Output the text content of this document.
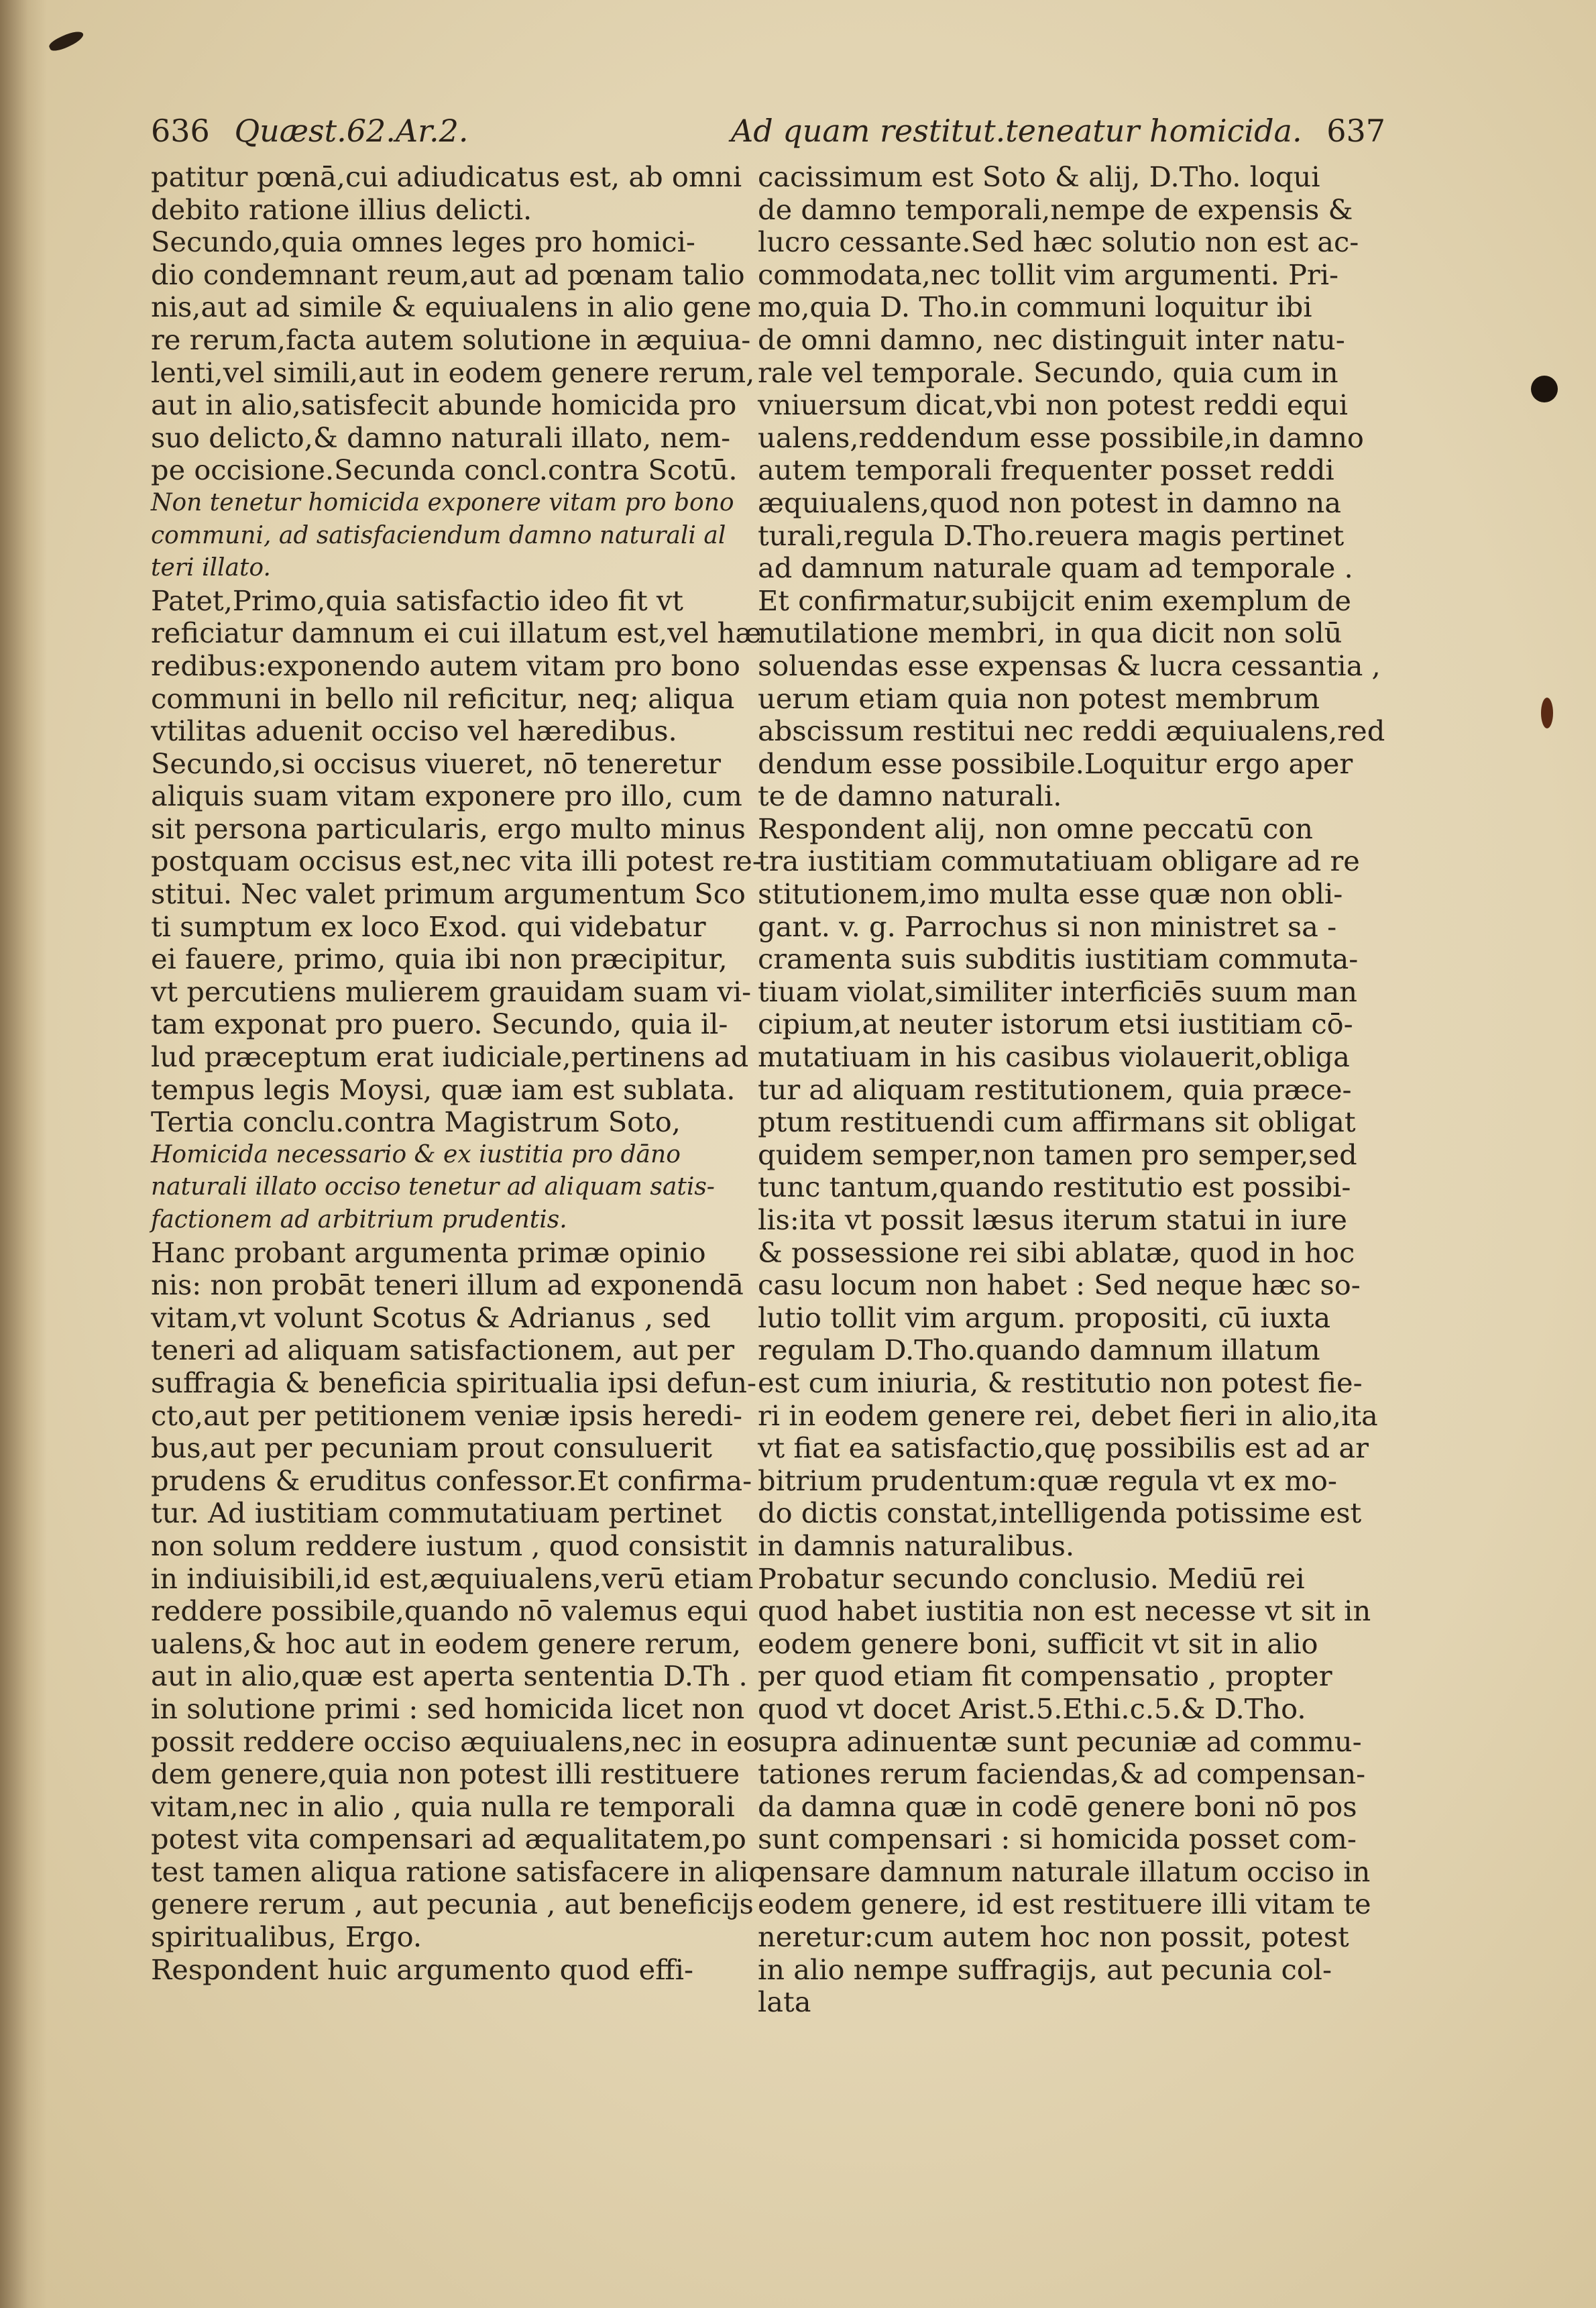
636 Quæst.62.Ar.2.	Ad quam restitut.teneatur homicida. 637
patitur pœnā,cui adiudicatus est, ab omni
debito ratione illius delicti.
Secundo,quia omnes leges pro homici-
dio condemnant reum,aut ad pœnam talio
nis,aut ad simile & equiualens in alio gene
re rerum,facta autem solutione in æquiua-
lenti,vel simili,aut in eodem genere rerum,
aut in alio,satisfecit abunde homicida pro
suo delicto,& damno naturali illato, nem-
pe occisione.Secunda concl.contra Scotū.
Non tenetur homicida exponere vitam pro bono
communi, ad satisfaciendum damno naturali al
teri illato.
Patet,Primo,quia satisfactio ideo fit vt
reficiatur damnum ei cui illatum est,vel hæ
redibus:exponendo autem vitam pro bono
communi in bello nil reficitur, neq; aliqua
vtilitas aduenit occiso vel hæredibus.
Secundo,si occisus viueret, nō teneretur
aliquis suam vitam exponere pro illo, cum
sit persona particularis, ergo multo minus
postquam occisus est,nec vita illi potest re-
stitui. Nec valet primum argumentum Sco
ti sumptum ex loco Exod. qui videbatur
ei fauere, primo, quia ibi non præcipitur,
vt percutiens mulierem grauidam suam vi-
tam exponat pro puero. Secundo, quia il-
lud præceptum erat iudiciale,pertinens ad
tempus legis Moysi, quæ iam est sublata.
Tertia conclu.contra Magistrum Soto,
Homicida necessario & ex iustitia pro dāno
naturali illato occiso tenetur ad aliquam satis-
factionem ad arbitrium prudentis.
Hanc probant argumenta primæ opinio
nis: non probāt teneri illum ad exponendā
vitam,vt volunt Scotus & Adrianus , sed
teneri ad aliquam satisfactionem, aut per
suffragia & beneficia spiritualia ipsi defun-
cto,aut per petitionem veniæ ipsis heredi-
bus,aut per pecuniam prout consuluerit
prudens & eruditus confessor.Et confirma-
tur. Ad iustitiam commutatiuam pertinet
non solum reddere iustum , quod consistit
in indiuisibili,id est,æquiualens,verū etiam
reddere possibile,quando nō valemus equi
ualens,& hoc aut in eodem genere rerum,
aut in alio,quæ est aperta sententia D.Th .
in solutione primi : sed homicida licet non
possit reddere occiso æquiualens,nec in eo
dem genere,quia non potest illi restituere
vitam,nec in alio , quia nulla re temporali
potest vita compensari ad æqualitatem,po
test tamen aliqua ratione satisfacere in alio
genere rerum , aut pecunia , aut beneficijs
spiritualibus, Ergo.
Respondent huic argumento quod effi-
cacissimum est Soto & alij, D.Tho. loqui
de damno temporali,nempe de expensis &
lucro cessante.Sed hæc solutio non est ac-
commodata,nec tollit vim argumenti. Pri-
mo,quia D. Tho.in communi loquitur ibi
de omni damno, nec distinguit inter natu-
rale vel temporale. Secundo, quia cum in
vniuersum dicat,vbi non potest reddi equi
ualens,reddendum esse possibile,in damno
autem temporali frequenter posset reddi
æquiualens,quod non potest in damno na
turali,regula D.Tho.reuera magis pertinet
ad damnum naturale quam ad temporale .
Et confirmatur,subijcit enim exemplum de
mutilatione membri, in qua dicit non solū
soluendas esse expensas & lucra cessantia ,
uerum etiam quia non potest membrum
abscissum restitui nec reddi æquiualens,red
dendum esse possibile.Loquitur ergo aper
te de damno naturali.
Respondent alij, non omne peccatū con
tra iustitiam commutatiuam obligare ad re
stitutionem,imo multa esse quæ non obli-
gant. v. g. Parrochus si non ministret sa -
cramenta suis subditis iustitiam commuta-
tiuam violat,similiter interficiēs suum man
cipium,at neuter istorum etsi iustitiam cō-
mutatiuam in his casibus violauerit,obliga
tur ad aliquam restitutionem, quia præce-
ptum restituendi cum affirmans sit obligat
quidem semper,non tamen pro semper,sed
tunc tantum,quando restitutio est possibi-
lis:ita vt possit læsus iterum statui in iure
& possessione rei sibi ablatæ, quod in hoc
casu locum non habet : Sed neque hæc so-
lutio tollit vim argum. propositi, cū iuxta
regulam D.Tho.quando damnum illatum
est cum iniuria, & restitutio non potest fie-
ri in eodem genere rei, debet fieri in alio,ita
vt fiat ea satisfactio,quę possibilis est ad ar
bitrium prudentum:quæ regula vt ex mo-
do dictis constat,intelligenda potissime est
in damnis naturalibus.
Probatur secundo conclusio. Mediū rei
quod habet iustitia non est necesse vt sit in
eodem genere boni, sufficit vt sit in alio
per quod etiam fit compensatio , propter
quod vt docet Arist.5.Ethi.c.5.& D.Tho.
supra adinuentæ sunt pecuniæ ad commu-
tationes rerum faciendas,& ad compensan-
da damna quæ in codē genere boni nō pos
sunt compensari : si homicida posset com-
pensare damnum naturale illatum occiso in
eodem genere, id est restituere illi vitam te
neretur:cum autem hoc non possit, potest
in alio nempe suffragijs, aut pecunia col-
lata
